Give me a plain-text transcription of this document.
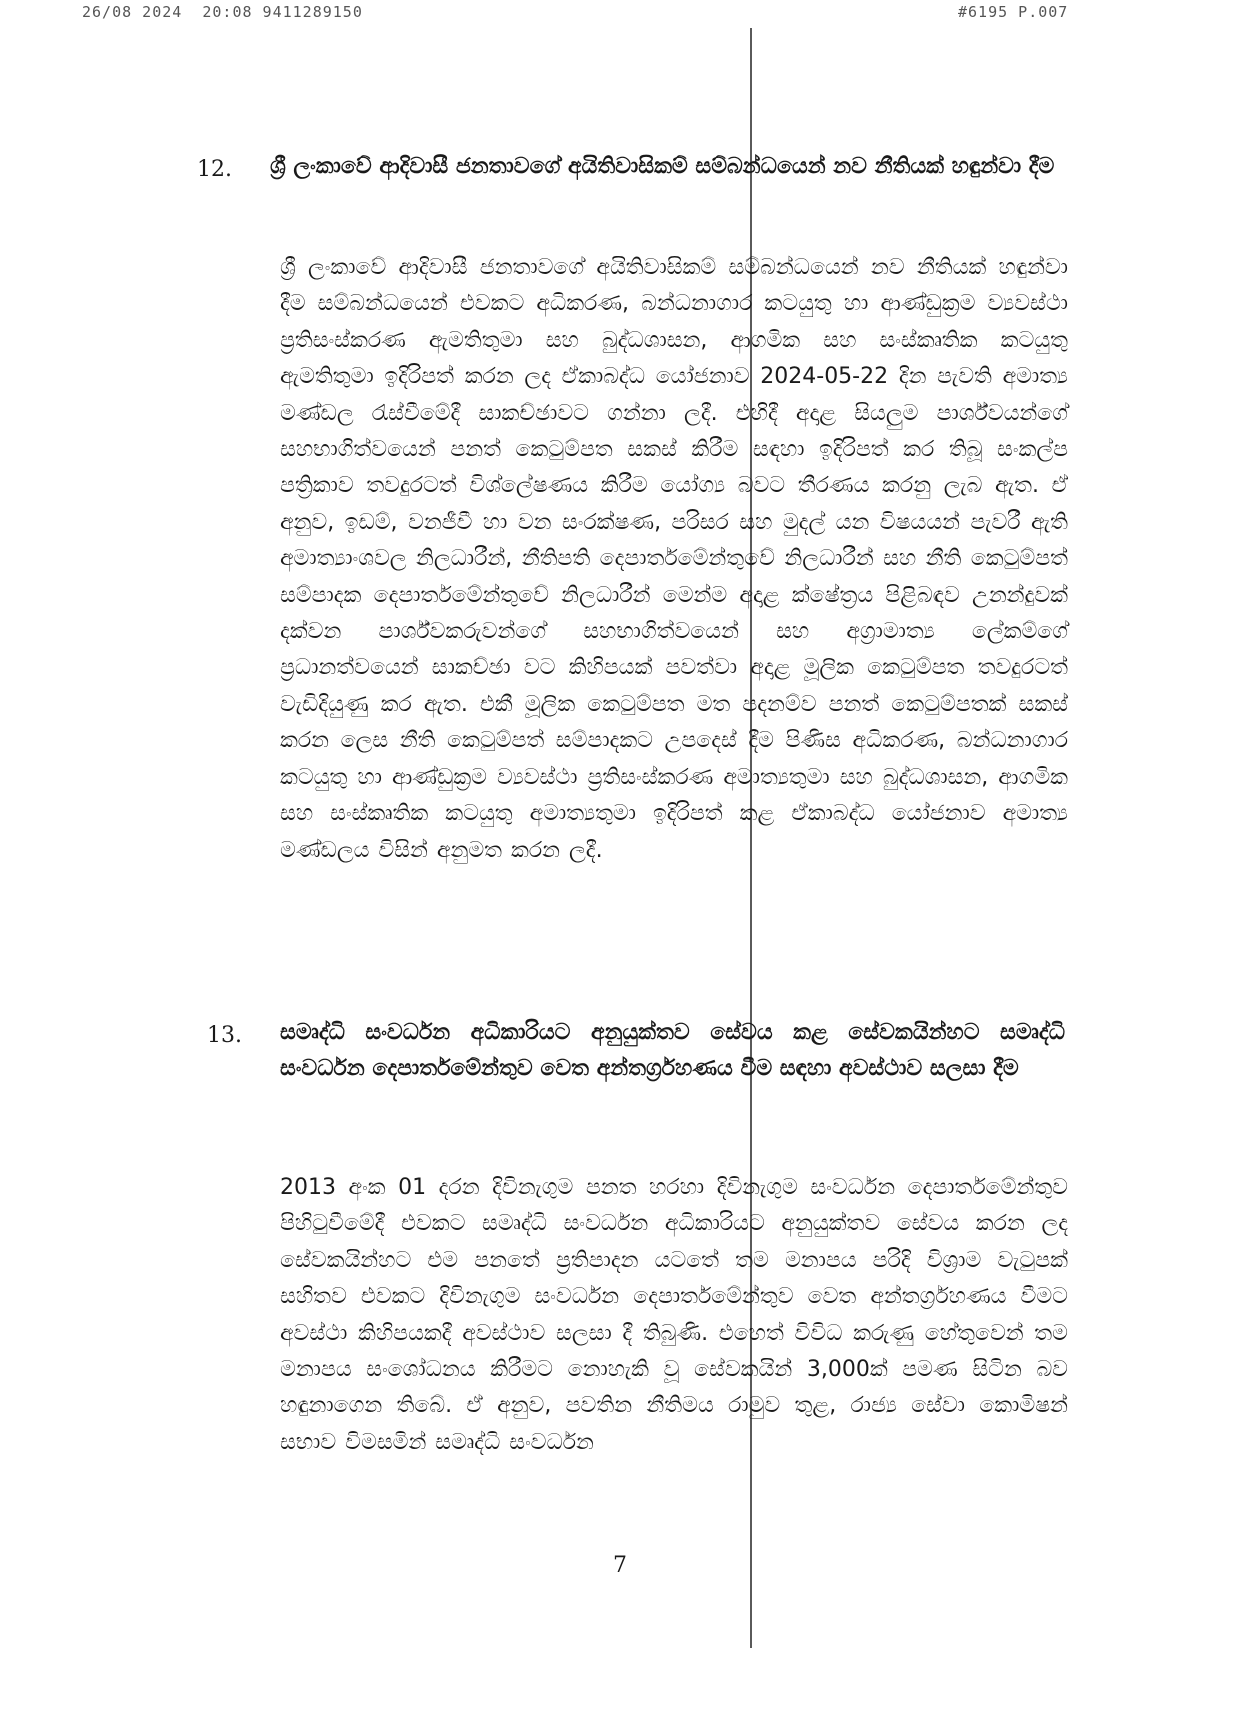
26/08 2024  20:08 9411289150	#6195 P.007
12. ශ්‍රී ලංකාවේ ආදිවාසී ජනතාවගේ අයිතිවාසිකම් සම්බන්ධයෙන් නව නීතියක් හඳුන්වා දීම
ශ්‍රී ලංකාවේ ආදිවාසී ජනතාවගේ අයිතිවාසිකම් සම්බන්ධයෙන් නව නීතියක් හඳුන්වා දීම සම්බන්ධයෙන් එවකට අධිකරණ, බන්ධනාගාර කටයුතු හා ආණ්ඩුක්‍රම ව්‍යවස්ථා ප්‍රතිසංස්කරණ ඇමතිතුමා සහ බුද්ධශාසන, ආගමික සහ සංස්කෘතික කටයුතු ඇමතිතුමා ඉදිරිපත් කරන ලද ඒකාබද්ධ යෝජනාව 2024-05-22 දින පැවති අමාත්‍ය මණ්ඩල රැස්වීමේදී සාකච්ඡාවට ගන්නා ලදී. එහිදී අදාළ සියලුම පාර්ශ්වයන්ගේ සහභාගිත්වයෙන් පනත් කෙටුම්පත සකස් කිරීම සඳහා ඉදිරිපත් කර තිබූ සංකල්ප පත්‍රිකාව තවදුරටත් විශ්ලේෂණය කිරීම යෝග්‍ය බවට තීරණය කරනු ලැබ ඇත. ඒ අනුව, ඉඩම්, වනජීවී හා වන සංරක්ෂණ, පරිසර සහ මුදල් යන විෂයයන් පැවරී ඇති අමාත්‍යාංශවල නිලධාරීන්, නීතිපති දෙපාර්තමේන්තුවේ නිලධාරීන් සහ නීති කෙටුම්පත් සම්පාදක දෙපාර්තමේන්තුවේ නිලධාරීන් මෙන්ම අදාළ ක්ෂේත්‍රය පිළිබඳව උනන්දුවක් දක්වන පාර්ශ්වකරුවන්ගේ සහභාගිත්වයෙන් සහ අග්‍රාමාත්‍ය ලේකම්ගේ ප්‍රධානත්වයෙන් සාකච්ඡා වට කිහිපයක් පවත්වා අදාළ මූලික කෙටුම්පත තවදුරටත් වැඩිදියුණු කර ඇත. එකී මූලික කෙටුම්පත මත පදනම්ව පනත් කෙටුම්පතක් සකස් කරන ලෙස නීති කෙටුම්පත් සම්පාදකට උපදෙස් දීම පිණිස අධිකරණ, බන්ධනාගාර කටයුතු හා ආණ්ඩුක්‍රම ව්‍යවස්ථා ප්‍රතිසංස්කරණ අමාත්‍යතුමා සහ බුද්ධශාසන, ආගමික සහ සංස්කෘතික කටයුතු අමාත්‍යතුමා ඉදිරිපත් කළ ඒකාබද්ධ යෝජනාව අමාත්‍ය මණ්ඩලය විසින් අනුමත කරන ලදී.
13. සමෘද්ධි සංවර්ධන අධිකාරියට අනුයුක්තව සේවය කළ සේවකයින්හට සමෘද්ධි සංවර්ධන දෙපාර්තමේන්තුව වෙත අන්තර්ග්‍රහණය වීම සඳහා අවස්ථාව සලසා දීම
2013 අංක 01 දරන දිවිනැගුම පනත හරහා දිවිනැගුම සංවර්ධන දෙපාර්තමේන්තුව පිහිටුවීමේදී එවකට සමෘද්ධි සංවර්ධන අධිකාරියට අනුයුක්තව සේවය කරන ලද සේවකයින්හට එම පනතේ ප්‍රතිපාදන යටතේ තම මනාපය පරිදි විශ්‍රාම වැටුපක් සහිතව එවකට දිවිනැගුම සංවර්ධන දෙපාර්තමේන්තුව වෙත අන්තර්ග්‍රහණය වීමට අවස්ථා කිහිපයකදී අවස්ථාව සලසා දී තිබුණි. එහෙත් විවිධ කරුණු හේතුවෙන් තම මනාපය සංශෝධනය කිරීමට නොහැකි වූ සේවකයින් 3,000ක් පමණ සිටින බව හඳුනාගෙන තිබේ. ඒ අනුව, පවතින නීතිමය රාමුව තුළ, රාජ්‍ය සේවා කොමිෂන් සභාව විමසමින් සමෘද්ධි සංවර්ධන
7
